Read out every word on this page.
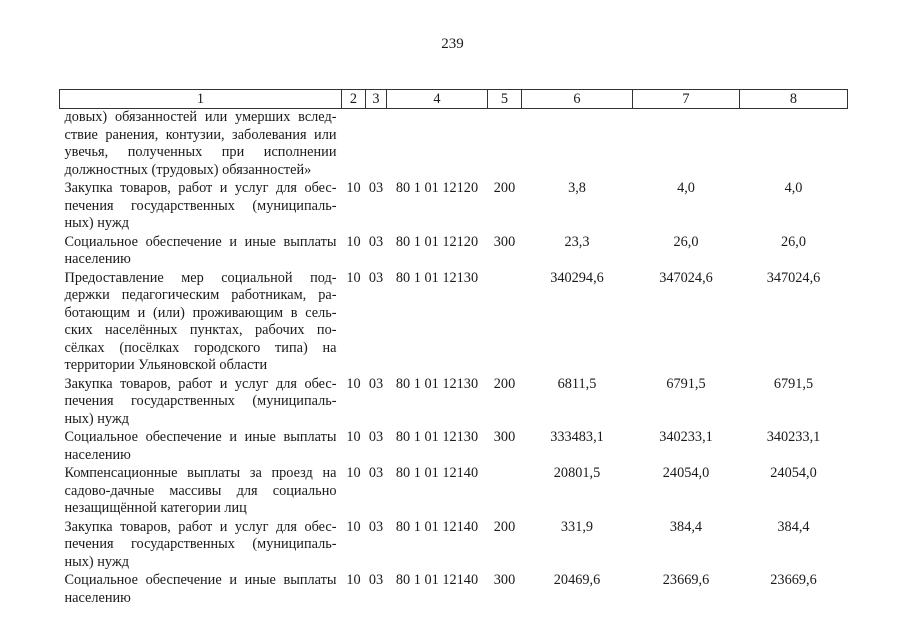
239
1	2	3	4	5	6	7	8
довых) обязанностей или умерших вслед-ствие ранения, контузии, заболевания или увечья, полученных при исполнении должностных (трудовых) обязанностей»							
Закупка товаров, работ и услуг для обес-печения государственных (муниципаль-ных) нужд	10	03	80 1 01 12120	200	3,8	4,0	4,0
Социальное обеспечение и иные выплаты населению	10	03	80 1 01 12120	300	23,3	26,0	26,0
Предоставление мер социальной под-держки педагогическим работникам, ра-ботающим и (или) проживающим в сель-ских населённых пунктах, рабочих по-сёлках (посёлках городского типа) на территории Ульяновской области	10	03	80 1 01 12130		340294,6	347024,6	347024,6
Закупка товаров, работ и услуг для обес-печения государственных (муниципаль-ных) нужд	10	03	80 1 01 12130	200	6811,5	6791,5	6791,5
Социальное обеспечение и иные выплаты населению	10	03	80 1 01 12130	300	333483,1	340233,1	340233,1
Компенсационные выплаты за проезд на садово-дачные массивы для социально незащищённой категории лиц	10	03	80 1 01 12140		20801,5	24054,0	24054,0
Закупка товаров, работ и услуг для обес-печения государственных (муниципаль-ных) нужд	10	03	80 1 01 12140	200	331,9	384,4	384,4
Социальное обеспечение и иные выплаты населению	10	03	80 1 01 12140	300	20469,6	23669,6	23669,6
